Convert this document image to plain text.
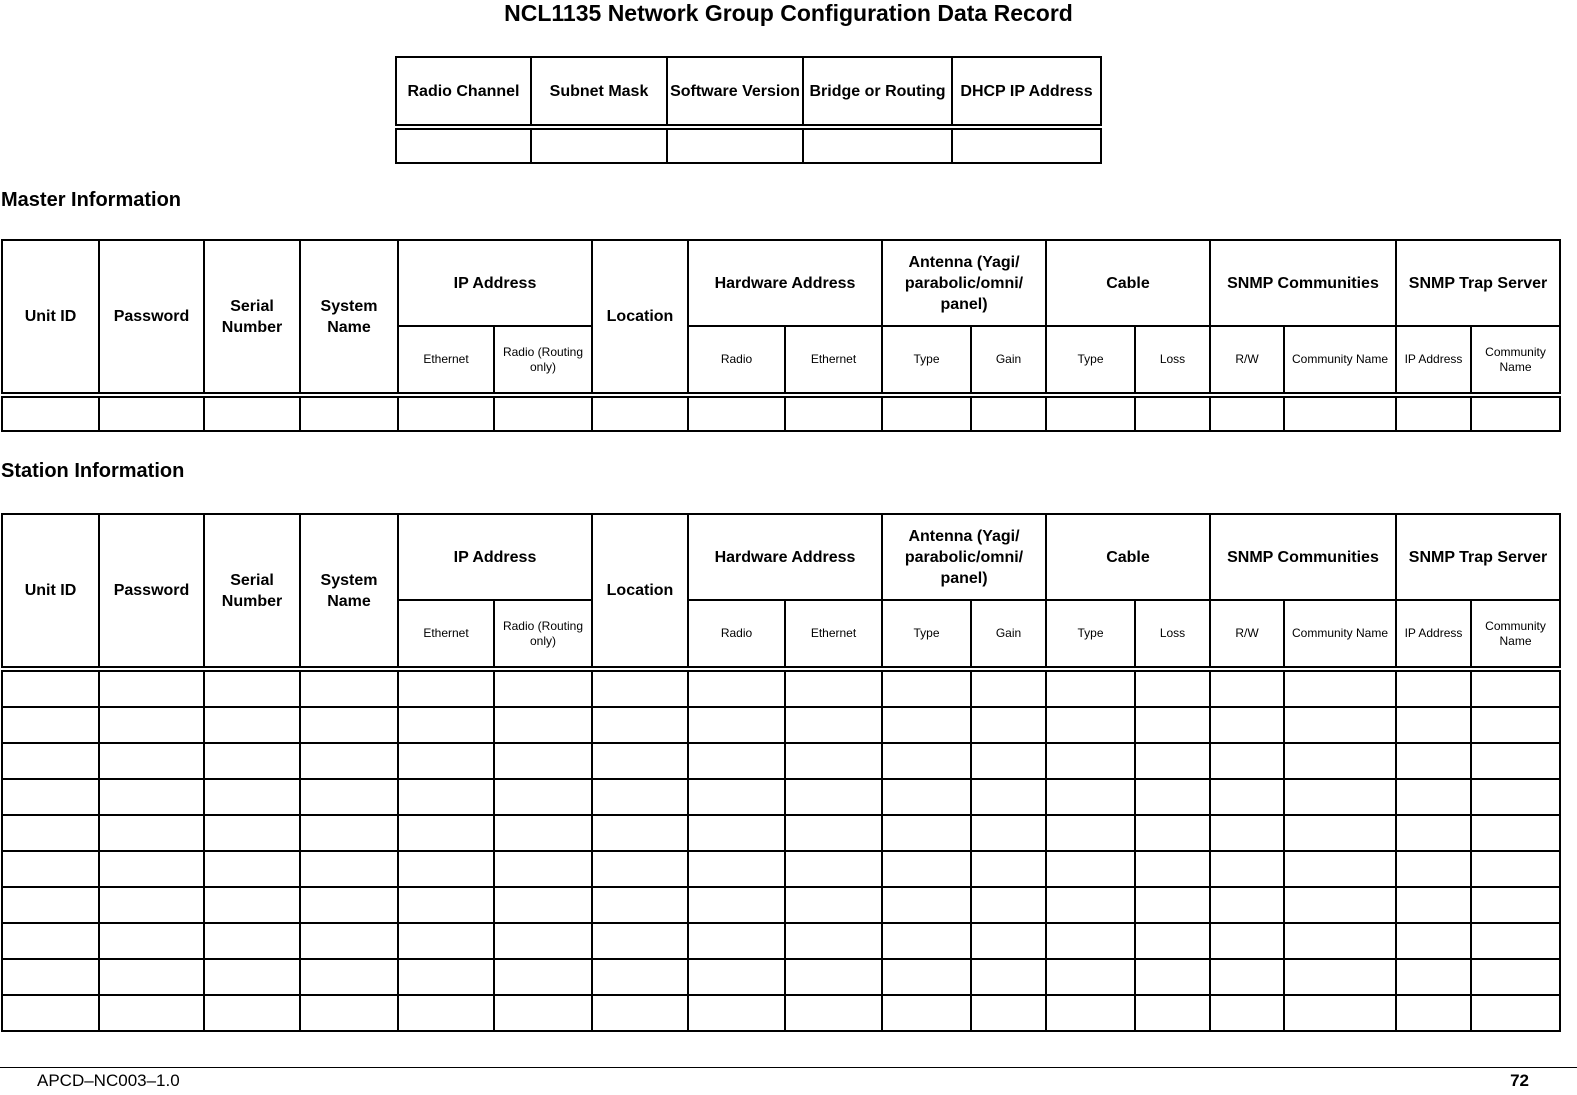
NCL1135 Network Group Configuration Data Record
Radio Channel	Subnet Mask	Software Version	Bridge or Routing	DHCP IP Address

Master Information
Unit ID	Password	Serial Number	System Name	IP Address		Location	Hardware Address		Antenna (Yagi/ parabolic/omni/ panel)		Cable		SNMP Communities		SNMP Trap Server	
				Ethernet	Radio (Routing only)		Radio	Ethernet	Type	Gain	Type	Loss	R/W	Community Name	IP Address	Community Name

Station Information
Unit ID	Password	Serial Number	System Name	IP Address		Location	Hardware Address		Antenna (Yagi/ parabolic/omni/ panel)		Cable		SNMP Communities		SNMP Trap Server	
				Ethernet	Radio (Routing only)		Radio	Ethernet	Type	Gain	Type	Loss	R/W	Community Name	IP Address	Community Name

APCD–NC003–1.0	72
